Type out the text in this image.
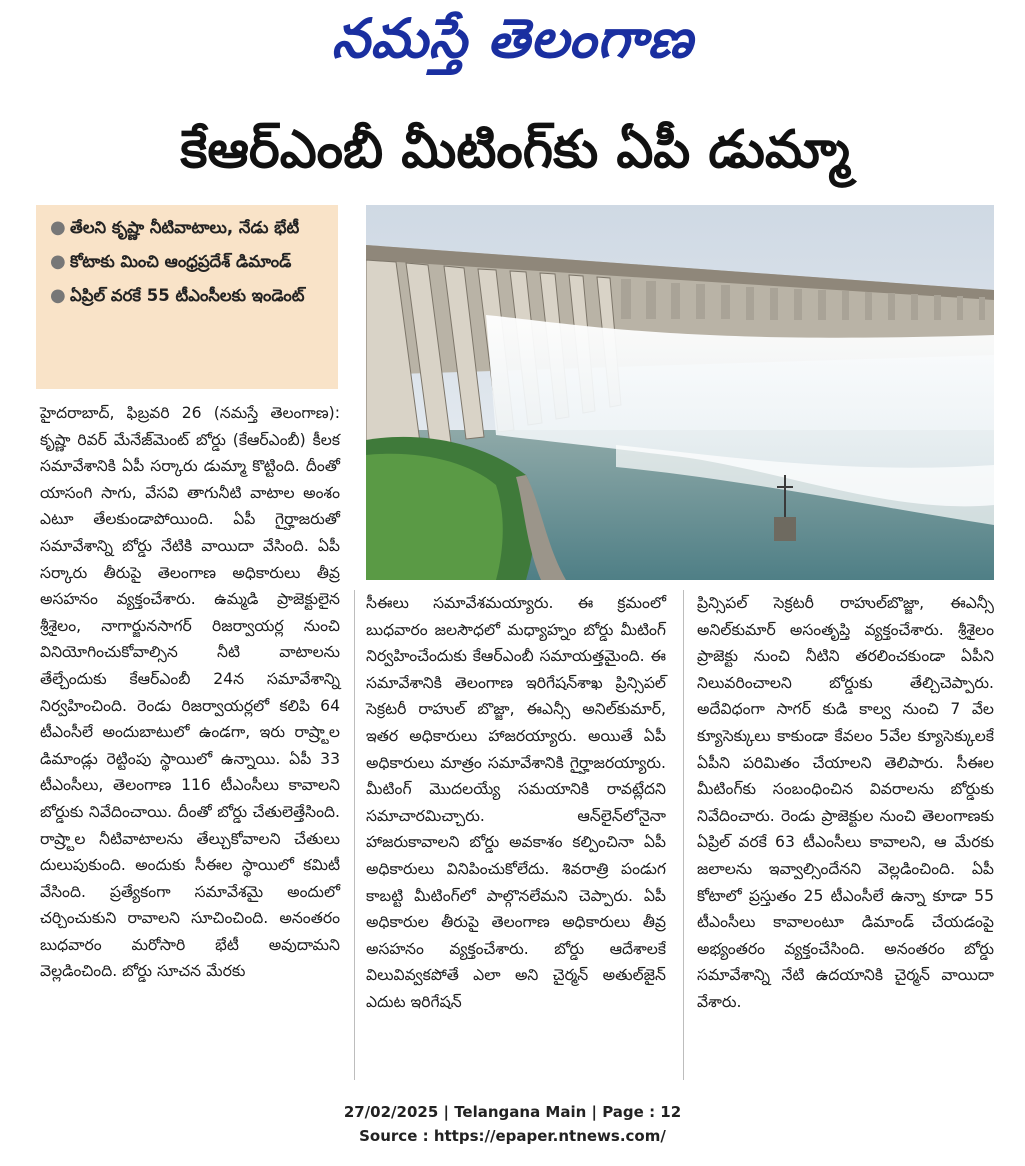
నమస్తే తెలంగాణ
కేఆర్‌ఎంబీ మీటింగ్‌కు ఏపీ డుమ్మా
● తేలని కృష్ణా నీటివాటాలు, నేడు భేటీ
● కోటాకు మించి ఆంధ్రప్రదేశ్ డిమాండ్
● ఏప్రిల్ వరకే 55 టీఎంసీలకు ఇండెంట్

హైదరాబాద్, ఫిబ్రవరి 26 (నమస్తే తెలంగాణ): కృష్ణా రివర్ మేనేజ్‌మెంట్ బోర్డు (కేఆర్‌ఎంబీ) కీలక సమావేశానికి ఏపీ సర్కారు డుమ్మా కొట్టింది. దీంతో యాసంగి సాగు, వేసవి తాగునీటి వాటాల అంశం ఎటూ తేలకుండాపోయింది. ఏపీ గైర్హాజరుతో సమావేశాన్ని బోర్డు నేటికి వాయిదా వేసింది. ఏపీ సర్కారు తీరుపై తెలంగాణ అధికారులు తీవ్ర అసహనం వ్యక్తంచేశారు. ఉమ్మడి ప్రాజెక్టులైన శ్రీశైలం, నాగార్జునసాగర్ రిజర్వాయర్ల నుంచి వినియోగించుకోవాల్సిన నీటి వాటాలను తేల్చేందుకు కేఆర్‌ఎంబీ 24న సమావేశాన్ని నిర్వహించింది. రెండు రిజర్వాయర్లలో కలిపి 64 టీఎంసీలే అందుబాటులో ఉండగా, ఇరు రాష్ర్టాల డిమాండ్లు రెట్టింపు స్థాయిలో ఉన్నాయి. ఏపీ 33 టీఎంసీలు, తెలంగాణ 116 టీఎంసీలు కావాలని బోర్డుకు నివేదించాయి. దీంతో బోర్డు చేతులెత్తేసింది. రాష్ర్టాల నీటివాటాలను తేల్చుకోవాలని చేతులు దులుపుకుంది. అందుకు సీఈల స్థాయిలో కమిటీ వేసింది. ప్రత్యేకంగా సమావేశమై అందులో చర్చించుకుని రావాలని సూచించింది. అనంతరం బుధవారం మరోసారి భేటీ అవుదామని వెల్లడించింది. బోర్డు సూచన మేరకు

సీఈలు సమావేశమయ్యారు. ఈ క్రమంలో బుధవారం జలసౌధలో మధ్యాహ్నం బోర్డు మీటింగ్ నిర్వహించేందుకు కేఆర్‌ఎంబీ సమాయత్తమైంది. ఈ సమావేశానికి తెలంగాణ ఇరిగేషన్‌శాఖ ప్రిన్సిపల్ సెక్రటరీ రాహుల్ బొజ్జా, ఈఎన్సీ అనిల్‌కుమార్, ఇతర అధికారులు హాజరయ్యారు. అయితే ఏపీ అధికారులు మాత్రం సమావేశానికి గైర్హాజరయ్యారు. మీటింగ్ మొదలయ్యే సమయానికి రావట్లేదని సమాచారమిచ్చారు. ఆన్‌లైన్‌లోనైనా హాజరుకావాలని బోర్డు అవకాశం కల్పించినా ఏపీ అధికారులు వినిపించుకోలేదు. శివరాత్రి పండుగ కాబట్టి మీటింగ్‌లో పాల్గొనలేమని చెప్పారు. ఏపీ అధికారుల తీరుపై తెలంగాణ అధికారులు తీవ్ర అసహనం వ్యక్తంచేశారు. బోర్డు ఆదేశాలకే విలువివ్వకపోతే ఎలా అని చైర్మన్ అతుల్‌జైన్ ఎదుట ఇరిగేషన్

ప్రిన్సిపల్ సెక్రటరీ రాహుల్‌బొజ్జా, ఈఎన్సీ అనిల్‌కుమార్ అసంతృప్తి వ్యక్తంచేశారు. శ్రీశైలం ప్రాజెక్టు నుంచి నీటిని తరలించకుండా ఏపీని నిలువరించాలని బోర్డుకు తేల్చిచెప్పారు. అదేవిధంగా సాగర్ కుడి కాల్వ నుంచి 7 వేల క్యూసెక్కులు కాకుండా కేవలం 5వేల క్యూసెక్కులకే ఏపీని పరిమితం చేయాలని తెలిపారు. సీఈల మీటింగ్‌కు సంబంధించిన వివరాలను బోర్డుకు నివేదించారు. రెండు ప్రాజెక్టుల నుంచి తెలంగాణకు ఏప్రిల్ వరకే 63 టీఎంసీలు కావాలని, ఆ మేరకు జలాలను ఇవ్వాల్సిందేనని వెల్లడించింది. ఏపీ కోటాలో ప్రస్తుతం 25 టీఎంసీలే ఉన్నా కూడా 55 టీఎంసీలు కావాలంటూ డిమాండ్ చేయడంపై అభ్యంతరం వ్యక్తంచేసింది. అనంతరం బోర్డు సమావేశాన్ని నేటి ఉదయానికి చైర్మన్ వాయిదా వేశారు.

27/02/2025 | Telangana Main | Page : 12
Source : https://epaper.ntnews.com/
